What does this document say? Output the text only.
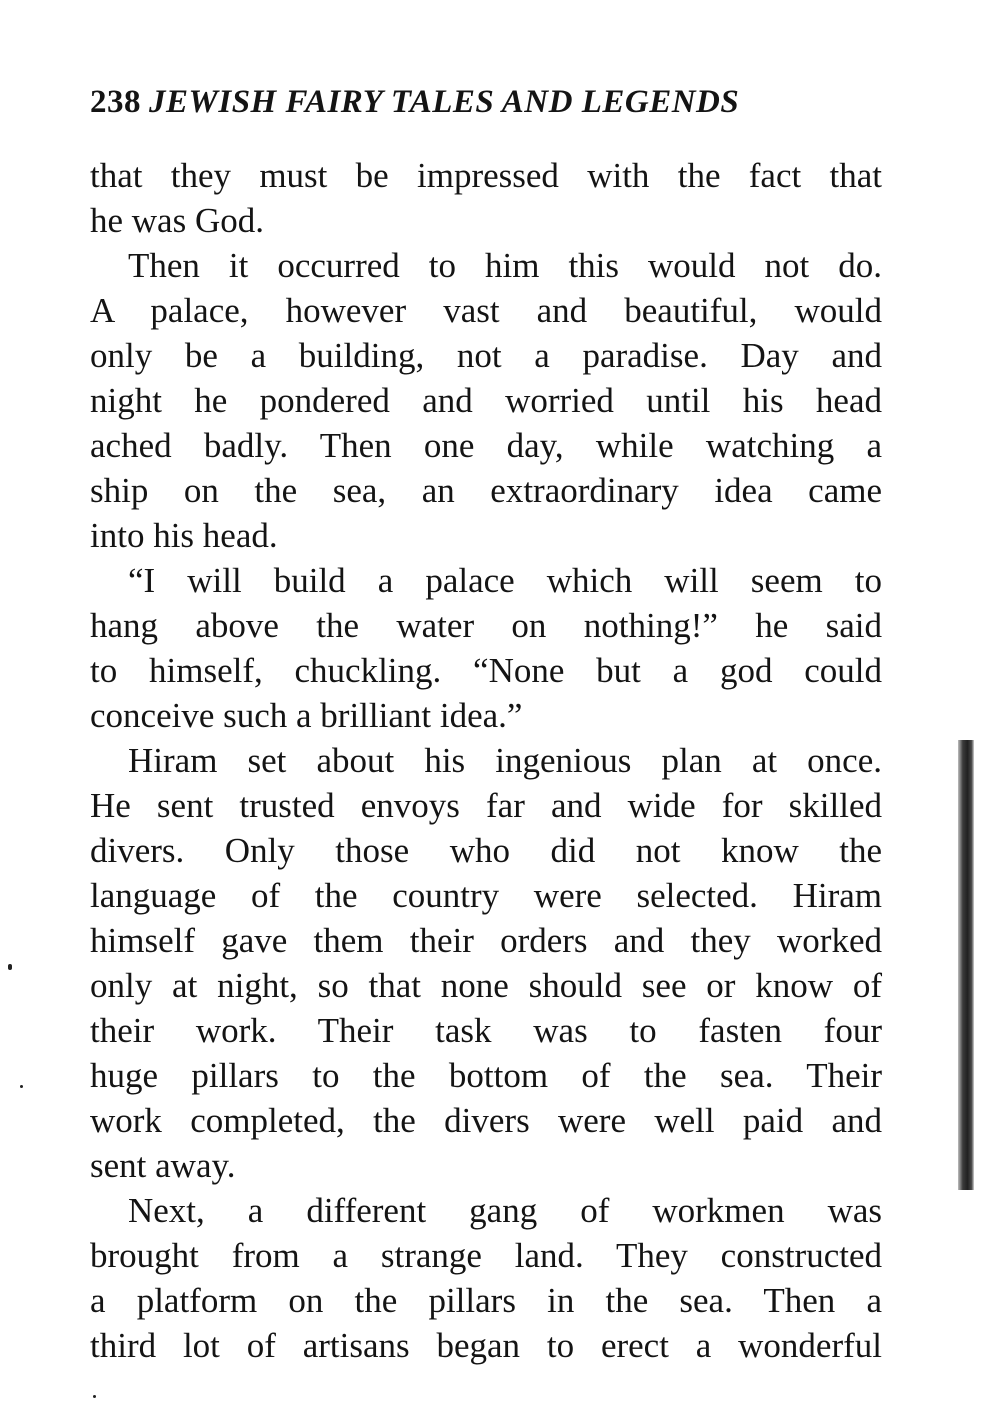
238 JEWISH FAIRY TALES AND LEGENDS
that they must be impressed with the fact that
he was God.
Then it occurred to him this would not do.
A palace, however vast and beautiful, would
only be a building, not a paradise. Day and
night he pondered and worried until his head
ached badly. Then one day, while watching a
ship on the sea, an extraordinary idea came
into his head.
“I will build a palace which will seem to
hang above the water on nothing!” he said
to himself, chuckling. “None but a god could
conceive such a brilliant idea.”
Hiram set about his ingenious plan at once.
He sent trusted envoys far and wide for skilled
divers. Only those who did not know the
language of the country were selected. Hiram
himself gave them their orders and they worked
only at night, so that none should see or know of
their work. Their task was to fasten four
huge pillars to the bottom of the sea. Their
work completed, the divers were well paid and
sent away.
Next, a different gang of workmen was
brought from a strange land. They constructed
a platform on the pillars in the sea. Then a
third lot of artisans began to erect a wonderful
